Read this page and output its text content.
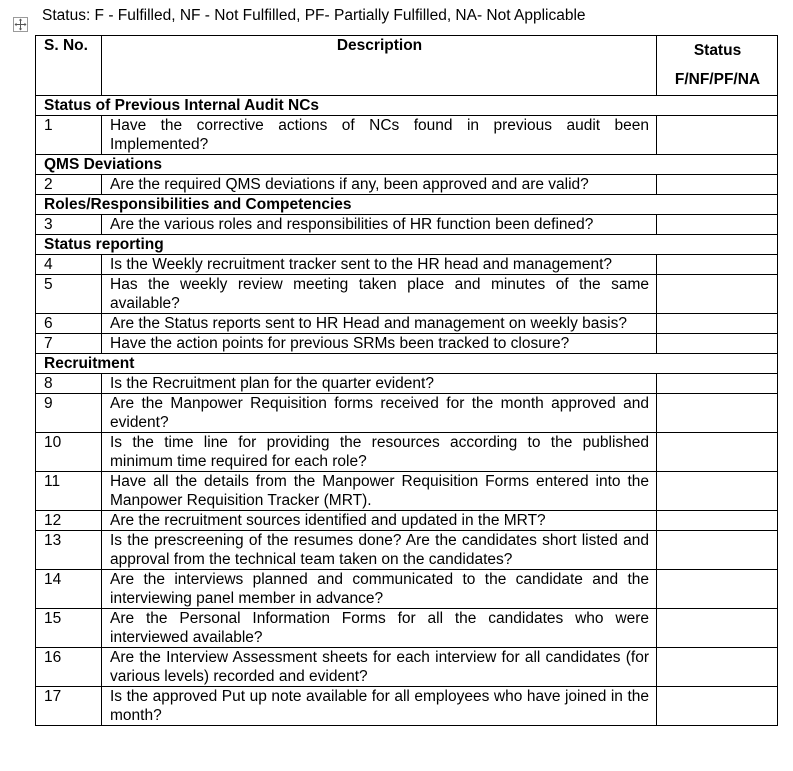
Status: F - Fulfilled, NF - Not Fulfilled, PF- Partially Fulfilled, NA- Not Applicable
S. No.	Description	Status
F/NF/PF/NA
Status of Previous Internal Audit NCs		
1	Have the corrective actions of NCs found in previous audit been Implemented?	
QMS Deviations		
2	Are the required QMS deviations if any, been approved and are valid?	
Roles/Responsibilities and Competencies		
3	Are the various roles and responsibilities of HR function been defined?	
Status reporting		
4	Is the Weekly recruitment tracker sent to the HR head and management?	
5	Has the weekly review meeting taken place and minutes of the same available?	
6	Are the Status reports sent to HR Head and management on weekly basis?	
7	Have the action points for previous SRMs been tracked to closure?	
Recruitment		
8	Is the Recruitment plan for the quarter evident?	
9	Are the Manpower Requisition forms received for the month approved and evident?	
10	Is the time line for providing the resources according to the published minimum time required for each role?	
11	Have all the details from the Manpower Requisition Forms entered into the Manpower Requisition Tracker (MRT).	
12	Are the recruitment sources identified and updated in the MRT?	
13	Is the prescreening of the resumes done? Are the candidates short listed and approval from the technical team taken on the candidates?	
14	Are the interviews planned and communicated to the candidate and the interviewing panel member in advance?	
15	Are the Personal Information Forms for all the candidates who were interviewed available?	
16	Are the Interview Assessment sheets for each interview for all candidates (for various levels) recorded and evident?	
17	Is the approved Put up note available for all employees who have joined in the month?	
